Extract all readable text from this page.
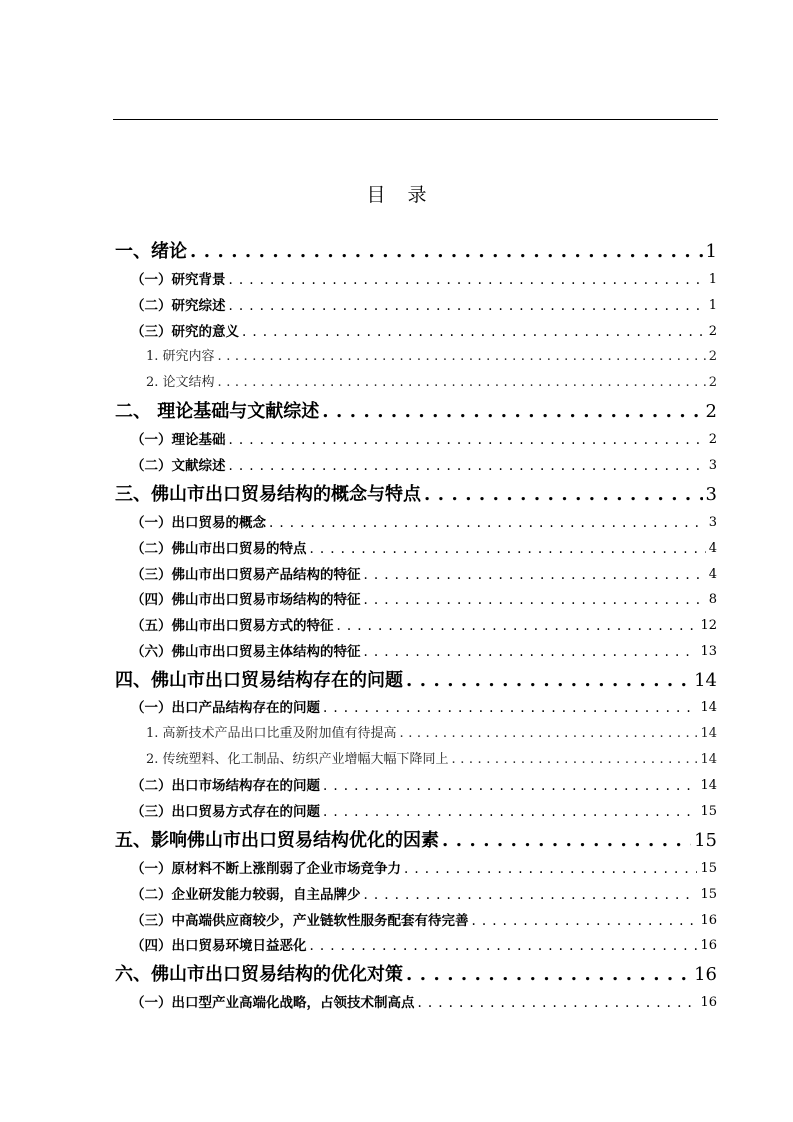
目录
一、绪论 . . .	1
（一）研究背景 . . .	1
（二）研究综述 . . .	1
（三）研究的意义 . . .	2
1. 研究内容 . . .	2
2. 论文结构 . . .	2
二、 理论基础与文献综述 . . .	2
（一）理论基础 . . .	2
（二）文献综述 . . .	3
三、佛山市出口贸易结构的概念与特点 . . .	3
（一）出口贸易的概念 . . .	3
（二）佛山市出口贸易的特点 . . .	4
（三）佛山市出口贸易产品结构的特征 . . .	4
（四）佛山市出口贸易市场结构的特征 . . .	8
（五）佛山市出口贸易方式的特征 . . .	12
（六）佛山市出口贸易主体结构的特征 . . .	13
四、佛山市出口贸易结构存在的问题 . . .	14
（一）出口产品结构存在的问题 . . .	14
1. 高新技术产品出口比重及附加值有待提高 . . .	14
2. 传统塑料、化工制品、纺织产业增幅大幅下降同上 . . .	14
（二）出口市场结构存在的问题 . . .	14
（三）出口贸易方式存在的问题 . . .	15
五、影响佛山市出口贸易结构优化的因素 . . .	15
（一）原材料不断上涨削弱了企业市场竞争力 . . .	15
（二）企业研发能力较弱，自主品牌少 . . .	15
（三）中高端供应商较少，产业链软性服务配套有待完善 . . .	16
（四）出口贸易环境日益恶化 . . .	16
六、佛山市出口贸易结构的优化对策 . . .	16
（一）出口型产业高端化战略，占领技术制高点 . . .	16
